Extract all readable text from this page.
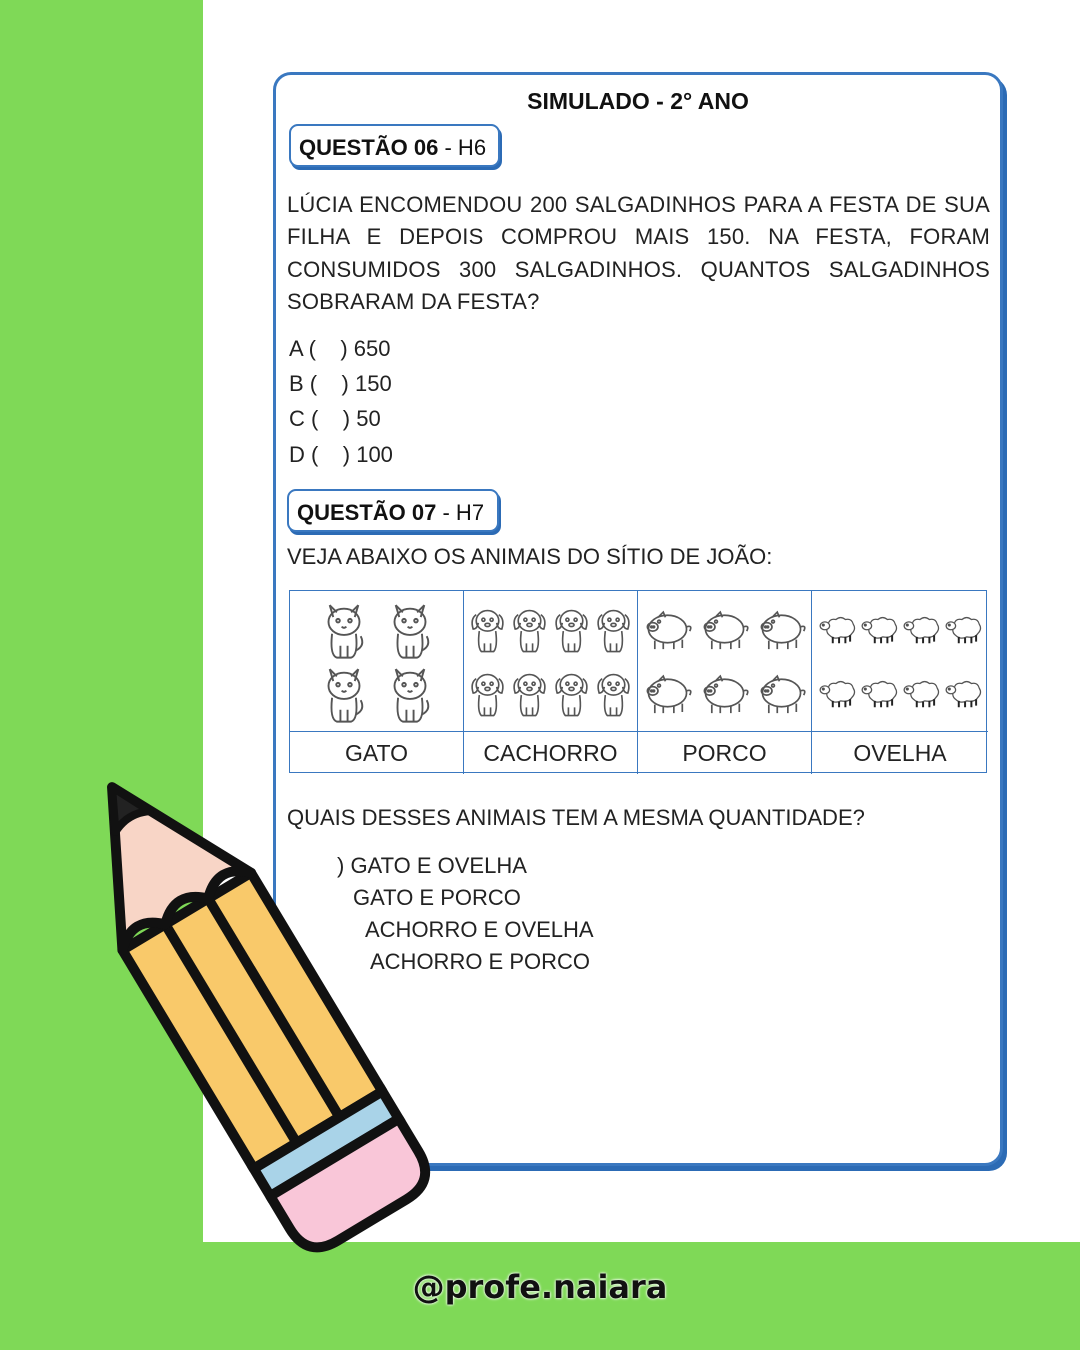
SIMULADO - 2° ANO
QUESTÃO 06 - H6
LÚCIA ENCOMENDOU 200 SALGADINHOS PARA A FESTA DE SUA FILHA E DEPOIS COMPROU MAIS 150. NA FESTA, FORAM CONSUMIDOS 300 SALGADINHOS. QUANTOS SALGADINHOS SOBRARAM DA FESTA?
A (    ) 650
B (    ) 150
C (    ) 50
D (    ) 100
QUESTÃO 07 - H7
VEJA ABAIXO OS ANIMAIS DO SÍTIO DE JOÃO:
GATO	CACHORRO	PORCO	OVELHA
QUAIS DESSES ANIMAIS TEM A MESMA QUANTIDADE?
) GATO E OVELHA
GATO E PORCO
ACHORRO E OVELHA
ACHORRO E PORCO
@profe.naiara
